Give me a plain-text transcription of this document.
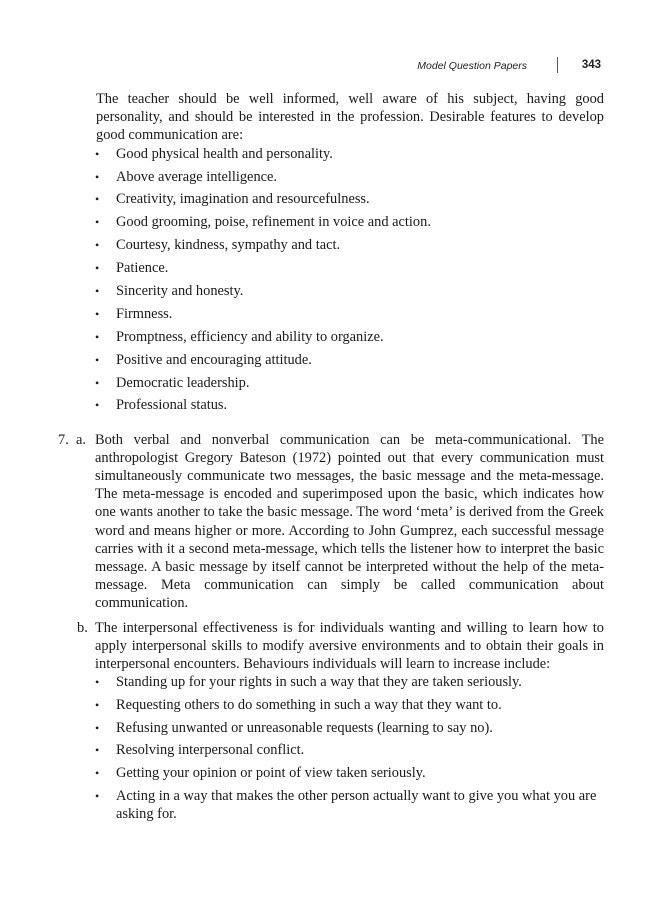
Model Question Papers	343

The teacher should be well informed, well aware of his subject, having good personality, and should be interested in the profession. Desirable features to develop good communication are:

• Good physical health and personality.
• Above average intelligence.
• Creativity, imagination and resourcefulness.
• Good grooming, poise, refinement in voice and action.
• Courtesy, kindness, sympathy and tact.
• Patience.
• Sincerity and honesty.
• Firmness.
• Promptness, efficiency and ability to organize.
• Positive and encouraging attitude.
• Democratic leadership.
• Professional status.
7. a. Both verbal and nonverbal communication can be meta-communicational. The anthropologist Gregory Bateson (1972) pointed out that every communication must simultaneously communicate two messages, the basic message and the meta-message. The meta-message is encoded and superimposed upon the basic, which indicates how one wants another to take the basic message. The word ‘meta’ is derived from the Greek word and means higher or more. According to John Gumprez, each successful message carries with it a second meta-message, which tells the listener how to interpret the basic message. A basic message by itself cannot be interpreted without the help of the meta-message. Meta communication can simply be called communication about communication.

b. The interpersonal effectiveness is for individuals wanting and willing to learn how to apply interpersonal skills to modify aversive environments and to obtain their goals in interpersonal encounters. Behaviours individuals will learn to increase include:

• Standing up for your rights in such a way that they are taken seriously.
• Requesting others to do something in such a way that they want to.
• Refusing unwanted or unreasonable requests (learning to say no).
• Resolving interpersonal conflict.
• Getting your opinion or point of view taken seriously.
• Acting in a way that makes the other person actually want to give you what you are asking for.
